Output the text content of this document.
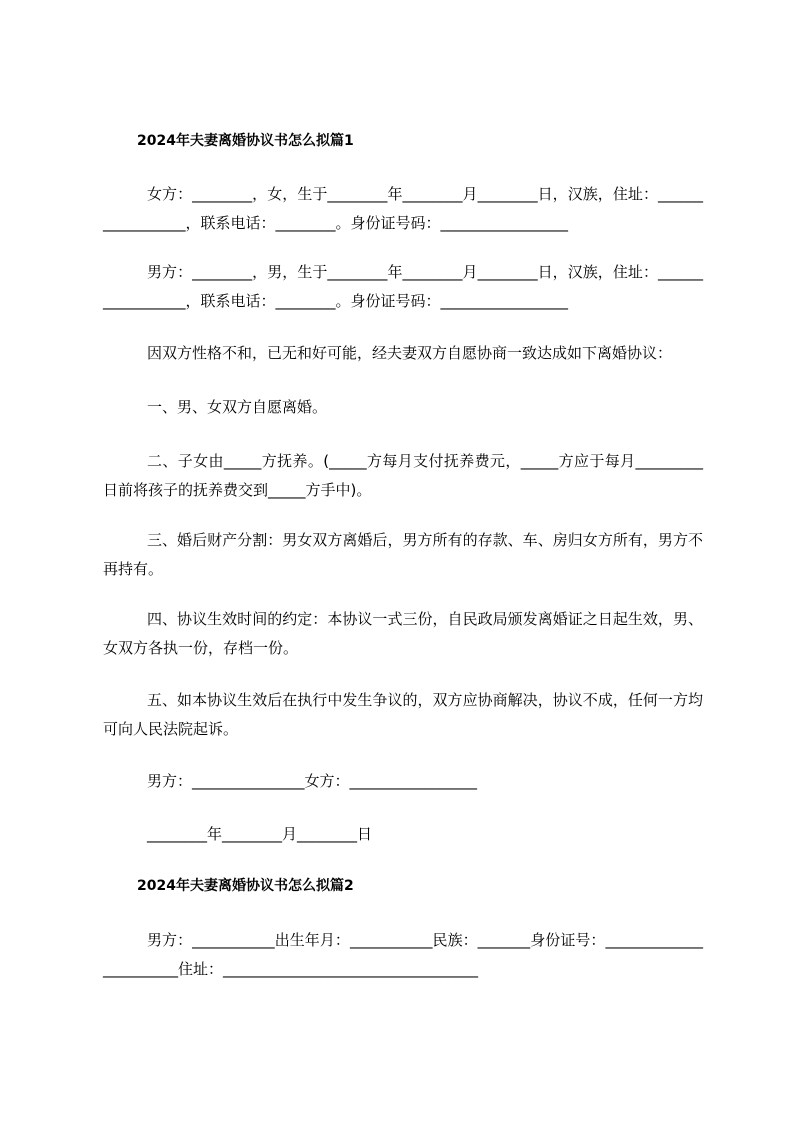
2024年夫妻离婚协议书怎么拟篇1
女方：________，女，生于________年________月________日，汉族，住址：_________________，联系电话：________。身份证号码：_________________
男方：________，男，生于________年________月________日，汉族，住址：_________________，联系电话：________。身份证号码：_________________
因双方性格不和，已无和好可能，经夫妻双方自愿协商一致达成如下离婚协议：
一、男、女双方自愿离婚。
二、子女由_____方抚养。(_____方每月支付抚养费元，_____方应于每月_________日前将孩子的抚养费交到_____方手中)。
三、婚后财产分割：男女双方离婚后，男方所有的存款、车、房归女方所有，男方不再持有。
四、协议生效时间的约定：本协议一式三份，自民政局颁发离婚证之日起生效，男、女双方各执一份，存档一份。
五、如本协议生效后在执行中发生争议的，双方应协商解决，协议不成，任何一方均可向人民法院起诉。
男方：_______________女方：_________________
________年________月________日
2024年夫妻离婚协议书怎么拟篇2
男方：___________出生年月：___________民族：_______身份证号：_______________________住址：__________________________________
